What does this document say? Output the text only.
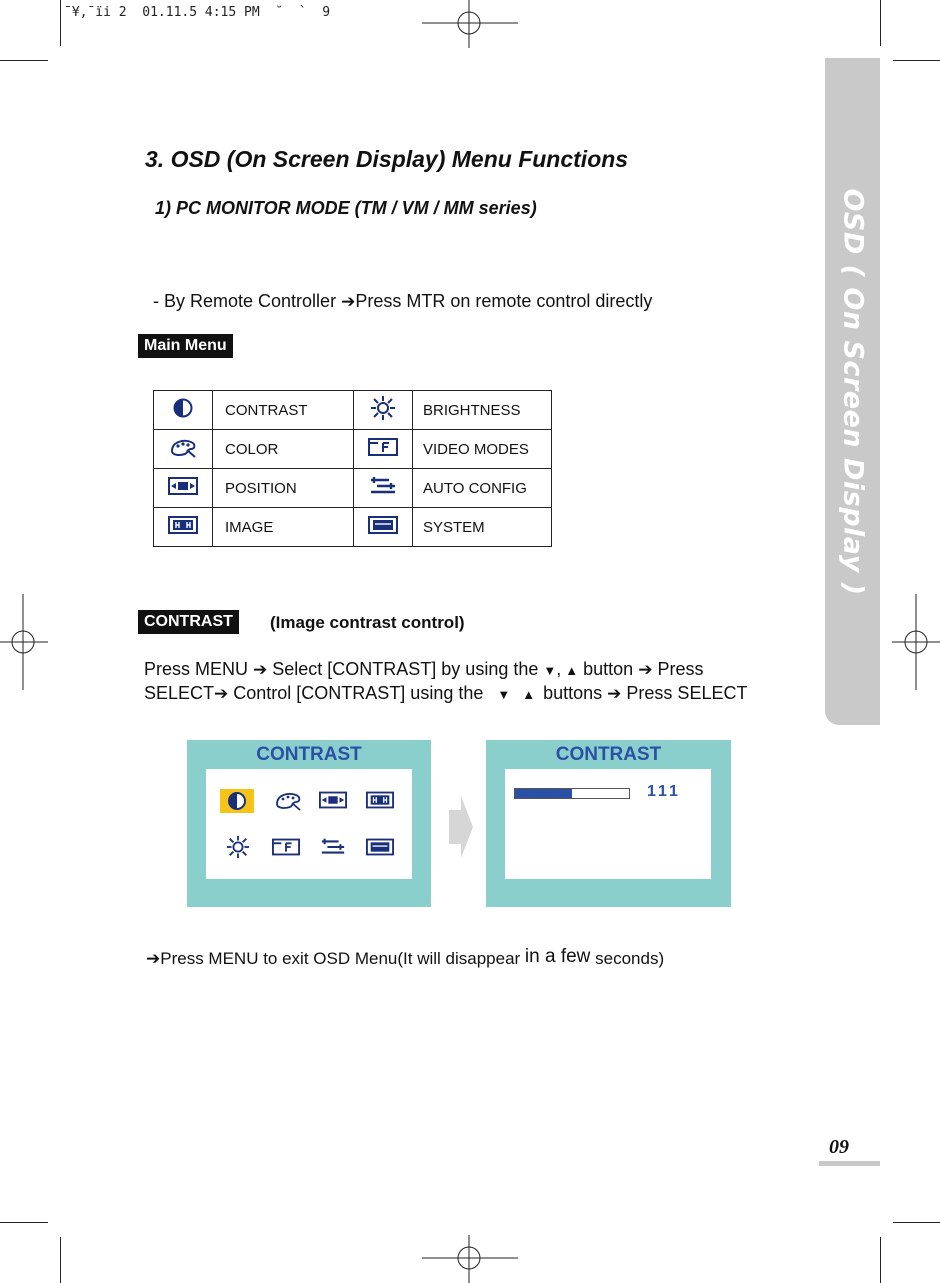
¯¥,¯ïi 2  01.11.5 4:15 PM  ˘  `  9
OSD ( On Screen Display )
3. OSD (On Screen Display) Menu Functions
1) PC MONITOR MODE (TM / VM / MM series)
- By Remote Controller ➔Press MTR on remote control directly
Main Menu
	CONTRAST		BRIGHTNESS
	COLOR		VIDEO MODES
	POSITION		AUTO CONFIG
	IMAGE		SYSTEM
CONTRAST	(Image contrast control)
Press MENU ➔ Select [CONTRAST] by using the ▼, ▲ button ➔ Press
SELECT➔ Control [CONTRAST] using the ▼ ▲ buttons ➔ Press SELECT
CONTRAST	CONTRAST
111
➔Press MENU to exit OSD Menu(It will disappear in a few seconds)
09
